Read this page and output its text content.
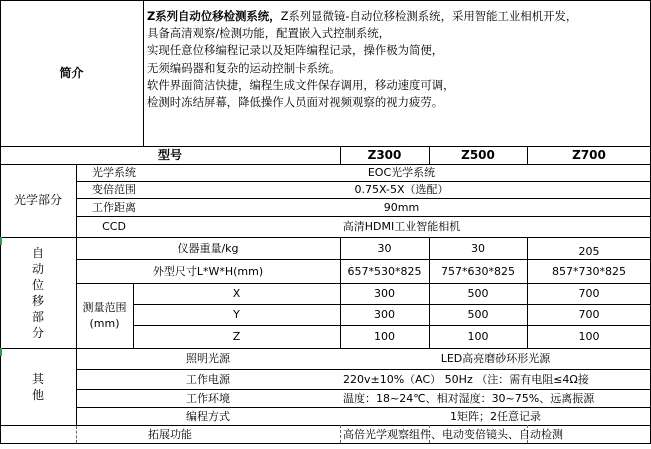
简介
Z系列自动位移检测系统，Z系列显微镜-自动位移检测系统，采用智能工业相机开发，
具备高清观察/检测功能，配置嵌入式控制系统，
实现任意位移编程记录以及矩阵编程记录，操作极为简便，
无须编码器和复杂的运动控制卡系统。
软件界面简洁快捷，编程生成文件保存调用，移动速度可调，
检测时冻结屏幕，降低操作人员面对视频观察的视力疲劳。
型号	Z300	Z500	Z700
光学部分
光学系统	EOC光学系统
变倍范围	0.75X-5X（选配）
工作距离	90mm
CCD	高清HDMI工业智能相机
自
动
位
移
部
分
仪器重量/kg	30	30	205
外型尺寸L*W*H(mm)	657*530*825	757*630*825	857*730*825
测量范围
(mm)
X	300	500	700
Y	300	500	700
Z	100	100	100
其
他
照明光源	LED高亮磨砂环形光源
工作电源	220v±10%（AC） 50Hz （注：需有电阻≤4Ω接
工作环境	温度：18~24℃、相对湿度：30~75%、远离振源
编程方式	1矩阵；2任意记录
拓展功能	高倍光学观察组件、电动变倍镜头、自动检测
